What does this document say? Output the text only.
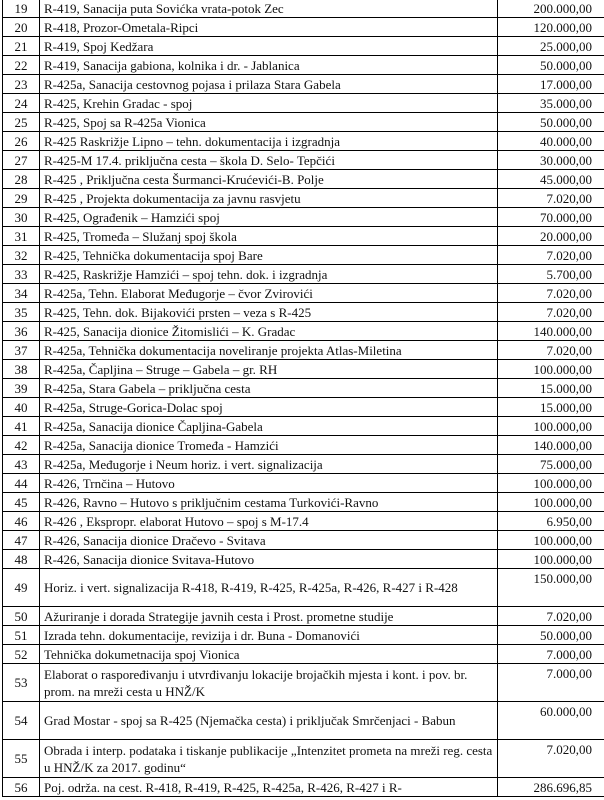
19	R-419, Sanacija puta Sovićka vrata-potok Zec	200.000,00
20	R-418, Prozor-Ometala-Ripci	120.000,00
21	R-419, Spoj Kedžara	25.000,00
22	R-419, Sanacija gabiona, kolnika i dr. - Jablanica	50.000,00
23	R-425a, Sanacija cestovnog pojasa i prilaza Stara Gabela	17.000,00
24	R-425, Krehin Gradac - spoj	35.000,00
25	R-425, Spoj sa R-425a Vionica	50.000,00
26	R-425 Raskrižje Lipno – tehn. dokumentacija i izgradnja	40.000,00
27	R-425-M 17.4. priključna cesta – škola D. Selo- Tepčići	30.000,00
28	R-425 , Priključna cesta Šurmanci-Krućevići-B. Polje	45.000,00
29	R-425 , Projekta dokumentacija za javnu rasvjetu	7.020,00
30	R-425, Ograđenik – Hamzići spoj	70.000,00
31	R-425, Tromeđa – Služanj spoj škola	20.000,00
32	R-425, Tehnička dokumentacija spoj Bare	7.020,00
33	R-425, Raskrižje Hamzići – spoj tehn. dok. i izgradnja	5.700,00
34	R-425a, Tehn. Elaborat Međugorje – čvor Zvirovići	7.020,00
35	R-425, Tehn. dok. Bijakovići prsten – veza s R-425	7.020,00
36	R-425, Sanacija dionice Žitomislići – K. Gradac	140.000,00
37	R-425a, Tehnička dokumentacija noveliranje projekta Atlas-Miletina	7.020,00
38	R-425a, Čapljina – Struge – Gabela – gr. RH	100.000,00
39	R-425a, Stara Gabela – priključna cesta	15.000,00
40	R-425a, Struge-Gorica-Dolac spoj	15.000,00
41	R-425a, Sanacija dionice Čapljina-Gabela	100.000,00
42	R-425a, Sanacija dionice Tromeđa - Hamzići	140.000,00
43	R-425a, Međugorje i Neum horiz. i vert. signalizacija	75.000,00
44	R-426, Trnčina – Hutovo	100.000,00
45	R-426, Ravno – Hutovo s priključnim cestama Turkovići-Ravno	100.000,00
46	R-426 , Ekspropr. elaborat Hutovo – spoj s M-17.4	6.950,00
47	R-426, Sanacija dionice Dračevo - Svitava	100.000,00
48	R-426, Sanacija dionice Svitava-Hutovo	100.000,00
49	Horiz. i vert. signalizacija R-418, R-419, R-425, R-425a, R-426, R-427 i R-428	150.000,00
50	Ažuriranje i dorada Strategije javnih cesta i Prost. prometne studije	7.020,00
51	Izrada tehn. dokumentacije, revizija i dr. Buna - Domanovići	50.000,00
52	Tehnička dokumetnacija spoj Vionica	7.000,00
53	Elaborat o raspoređivanju i utvrđivanju lokacije brojačkih mjesta i kont. i pov. br. prom. na mreži cesta u HNŽ/K	7.000,00
54	Grad Mostar - spoj sa R-425 (Njemačka cesta) i priključak Smrčenjaci - Babun	60.000,00
55	Obrada i interp. podataka i tiskanje publikacije „Intenzitet prometa na mreži reg. cesta u HNŽ/K za 2017. godinu“	7.020,00
56	Poj. održa. na cest. R-418, R-419, R-425, R-425a, R-426, R-427 i R-	286.696,85
